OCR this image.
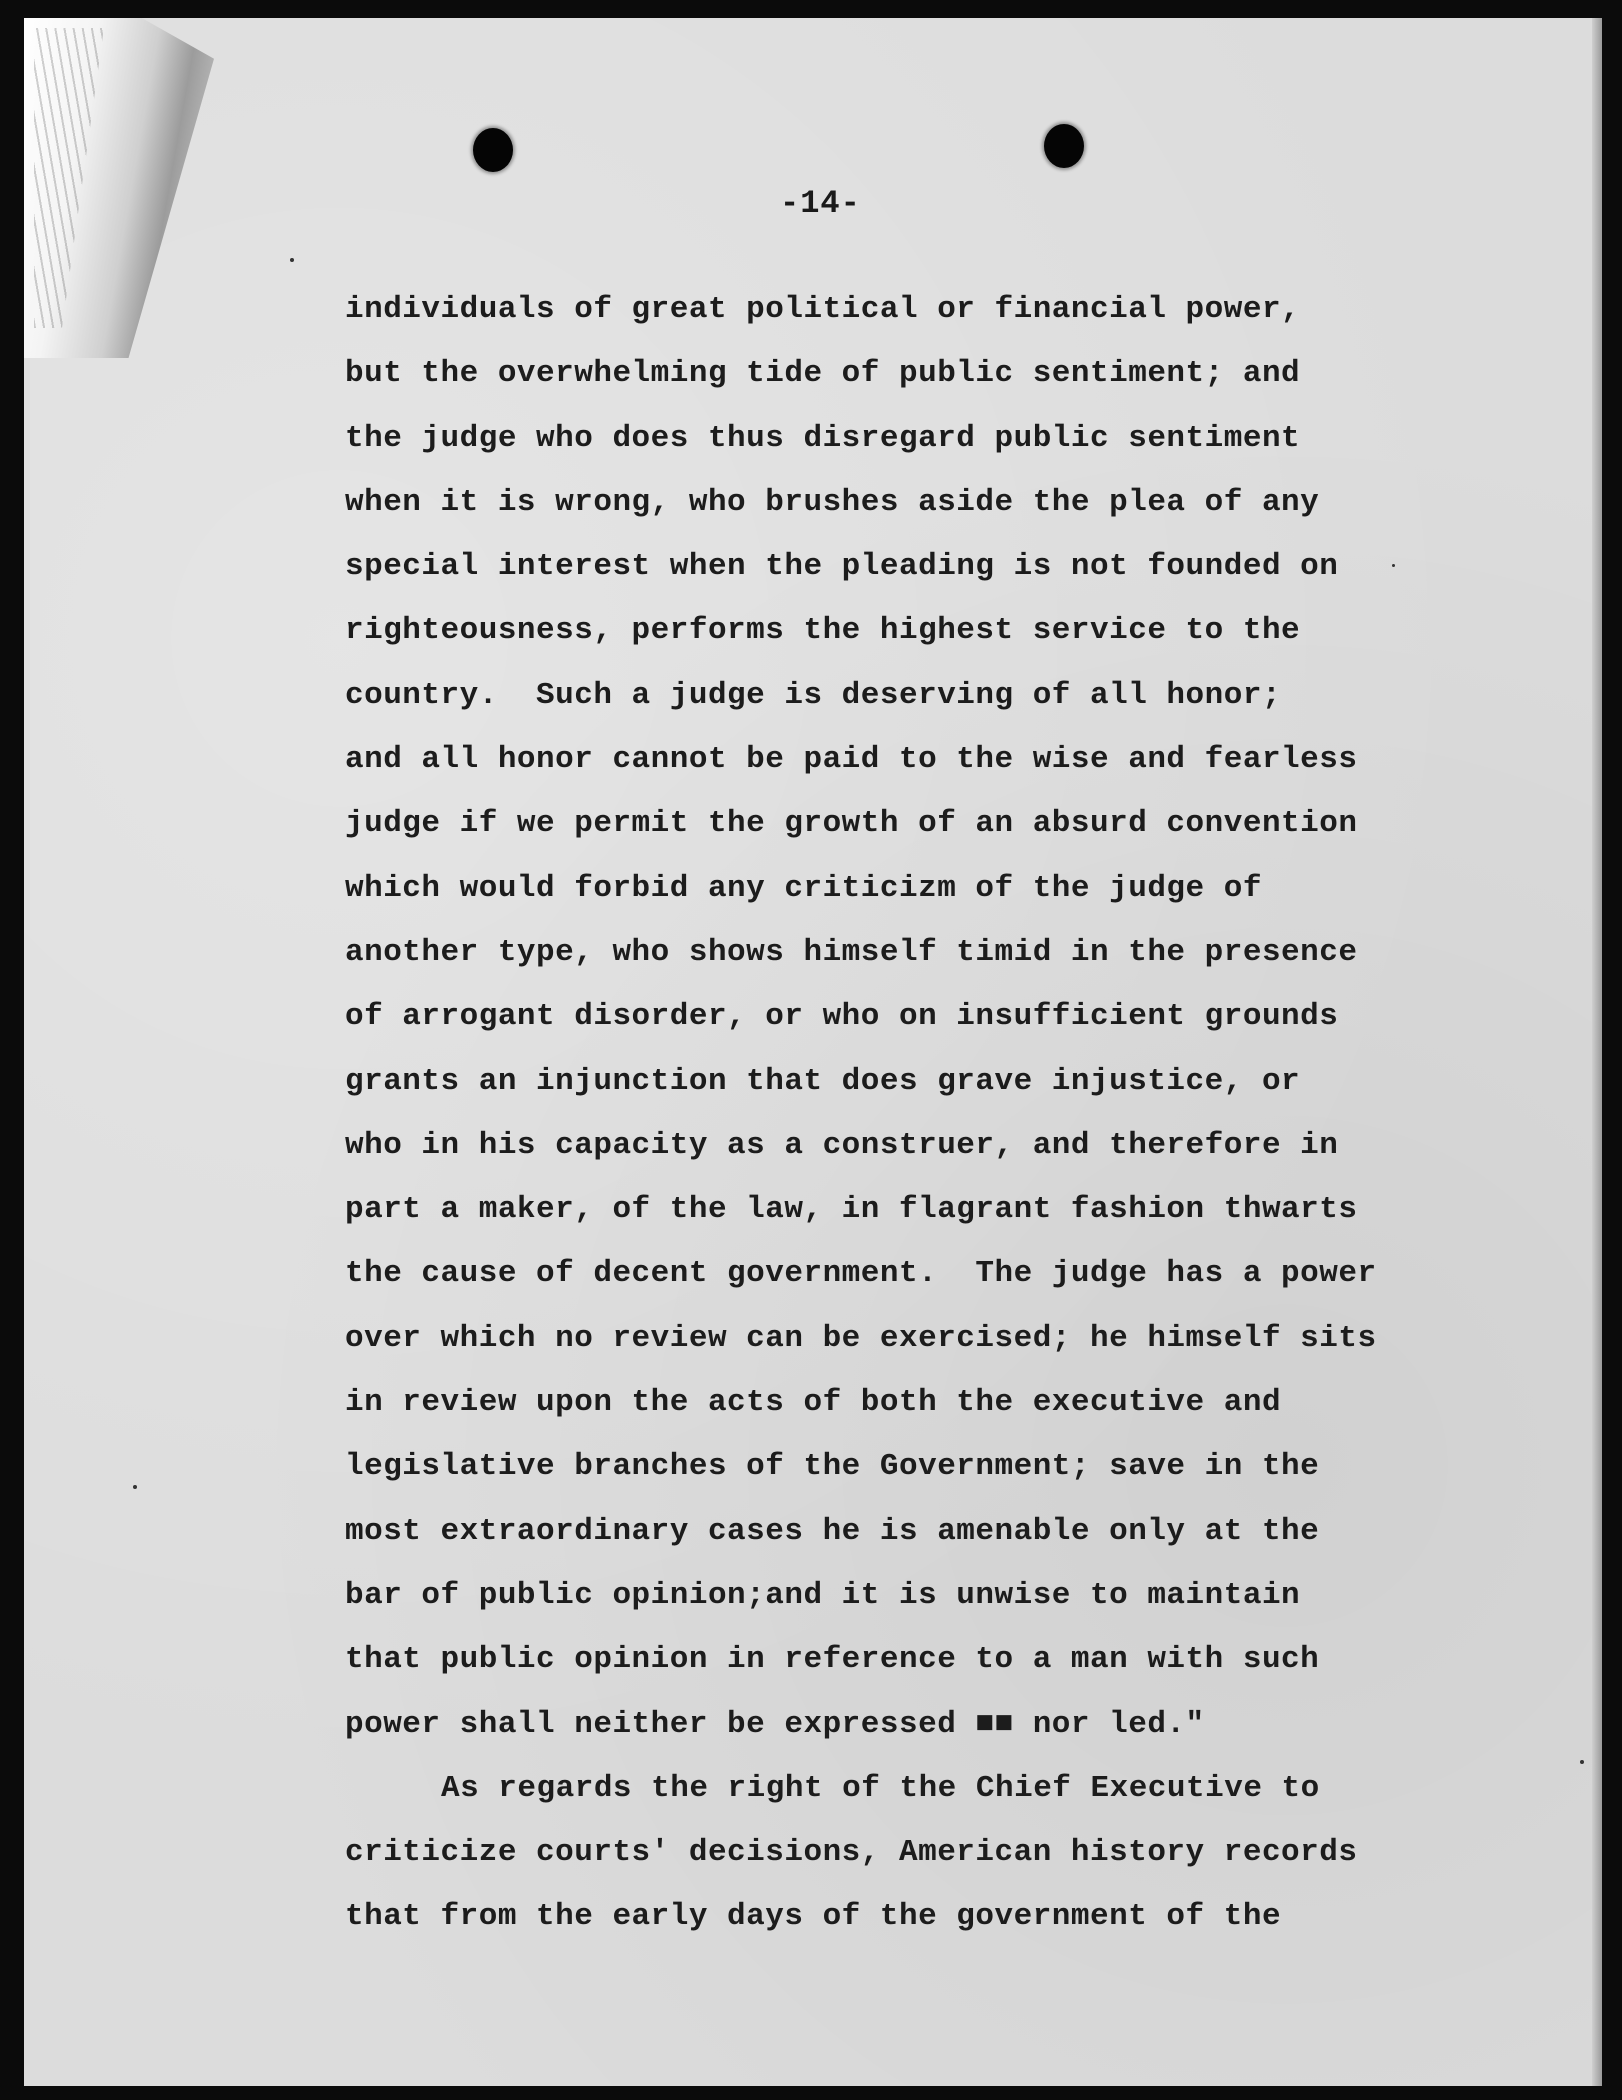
-14-
individuals of great political or financial power,
but the overwhelming tide of public sentiment; and
the judge who does thus disregard public sentiment
when it is wrong, who brushes aside the plea of any
special interest when the pleading is not founded on
righteousness, performs the highest service to the
country.  Such a judge is deserving of all honor;
and all honor cannot be paid to the wise and fearless
judge if we permit the growth of an absurd convention
which would forbid any criticizm of the judge of
another type, who shows himself timid in the presence
of arrogant disorder, or who on insufficient grounds
grants an injunction that does grave injustice, or
who in his capacity as a construer, and therefore in
part a maker, of the law, in flagrant fashion thwarts
the cause of decent government.  The judge has a power
over which no review can be exercised; he himself sits
in review upon the acts of both the executive and
legislative branches of the Government; save in the
most extraordinary cases he is amenable only at the
bar of public opinion;and it is unwise to maintain
that public opinion in reference to a man with such
power shall neither be expressed ■■ nor led."
As regards the right of the Chief Executive to
criticize courts' decisions, American history records
that from the early days of the government of the
